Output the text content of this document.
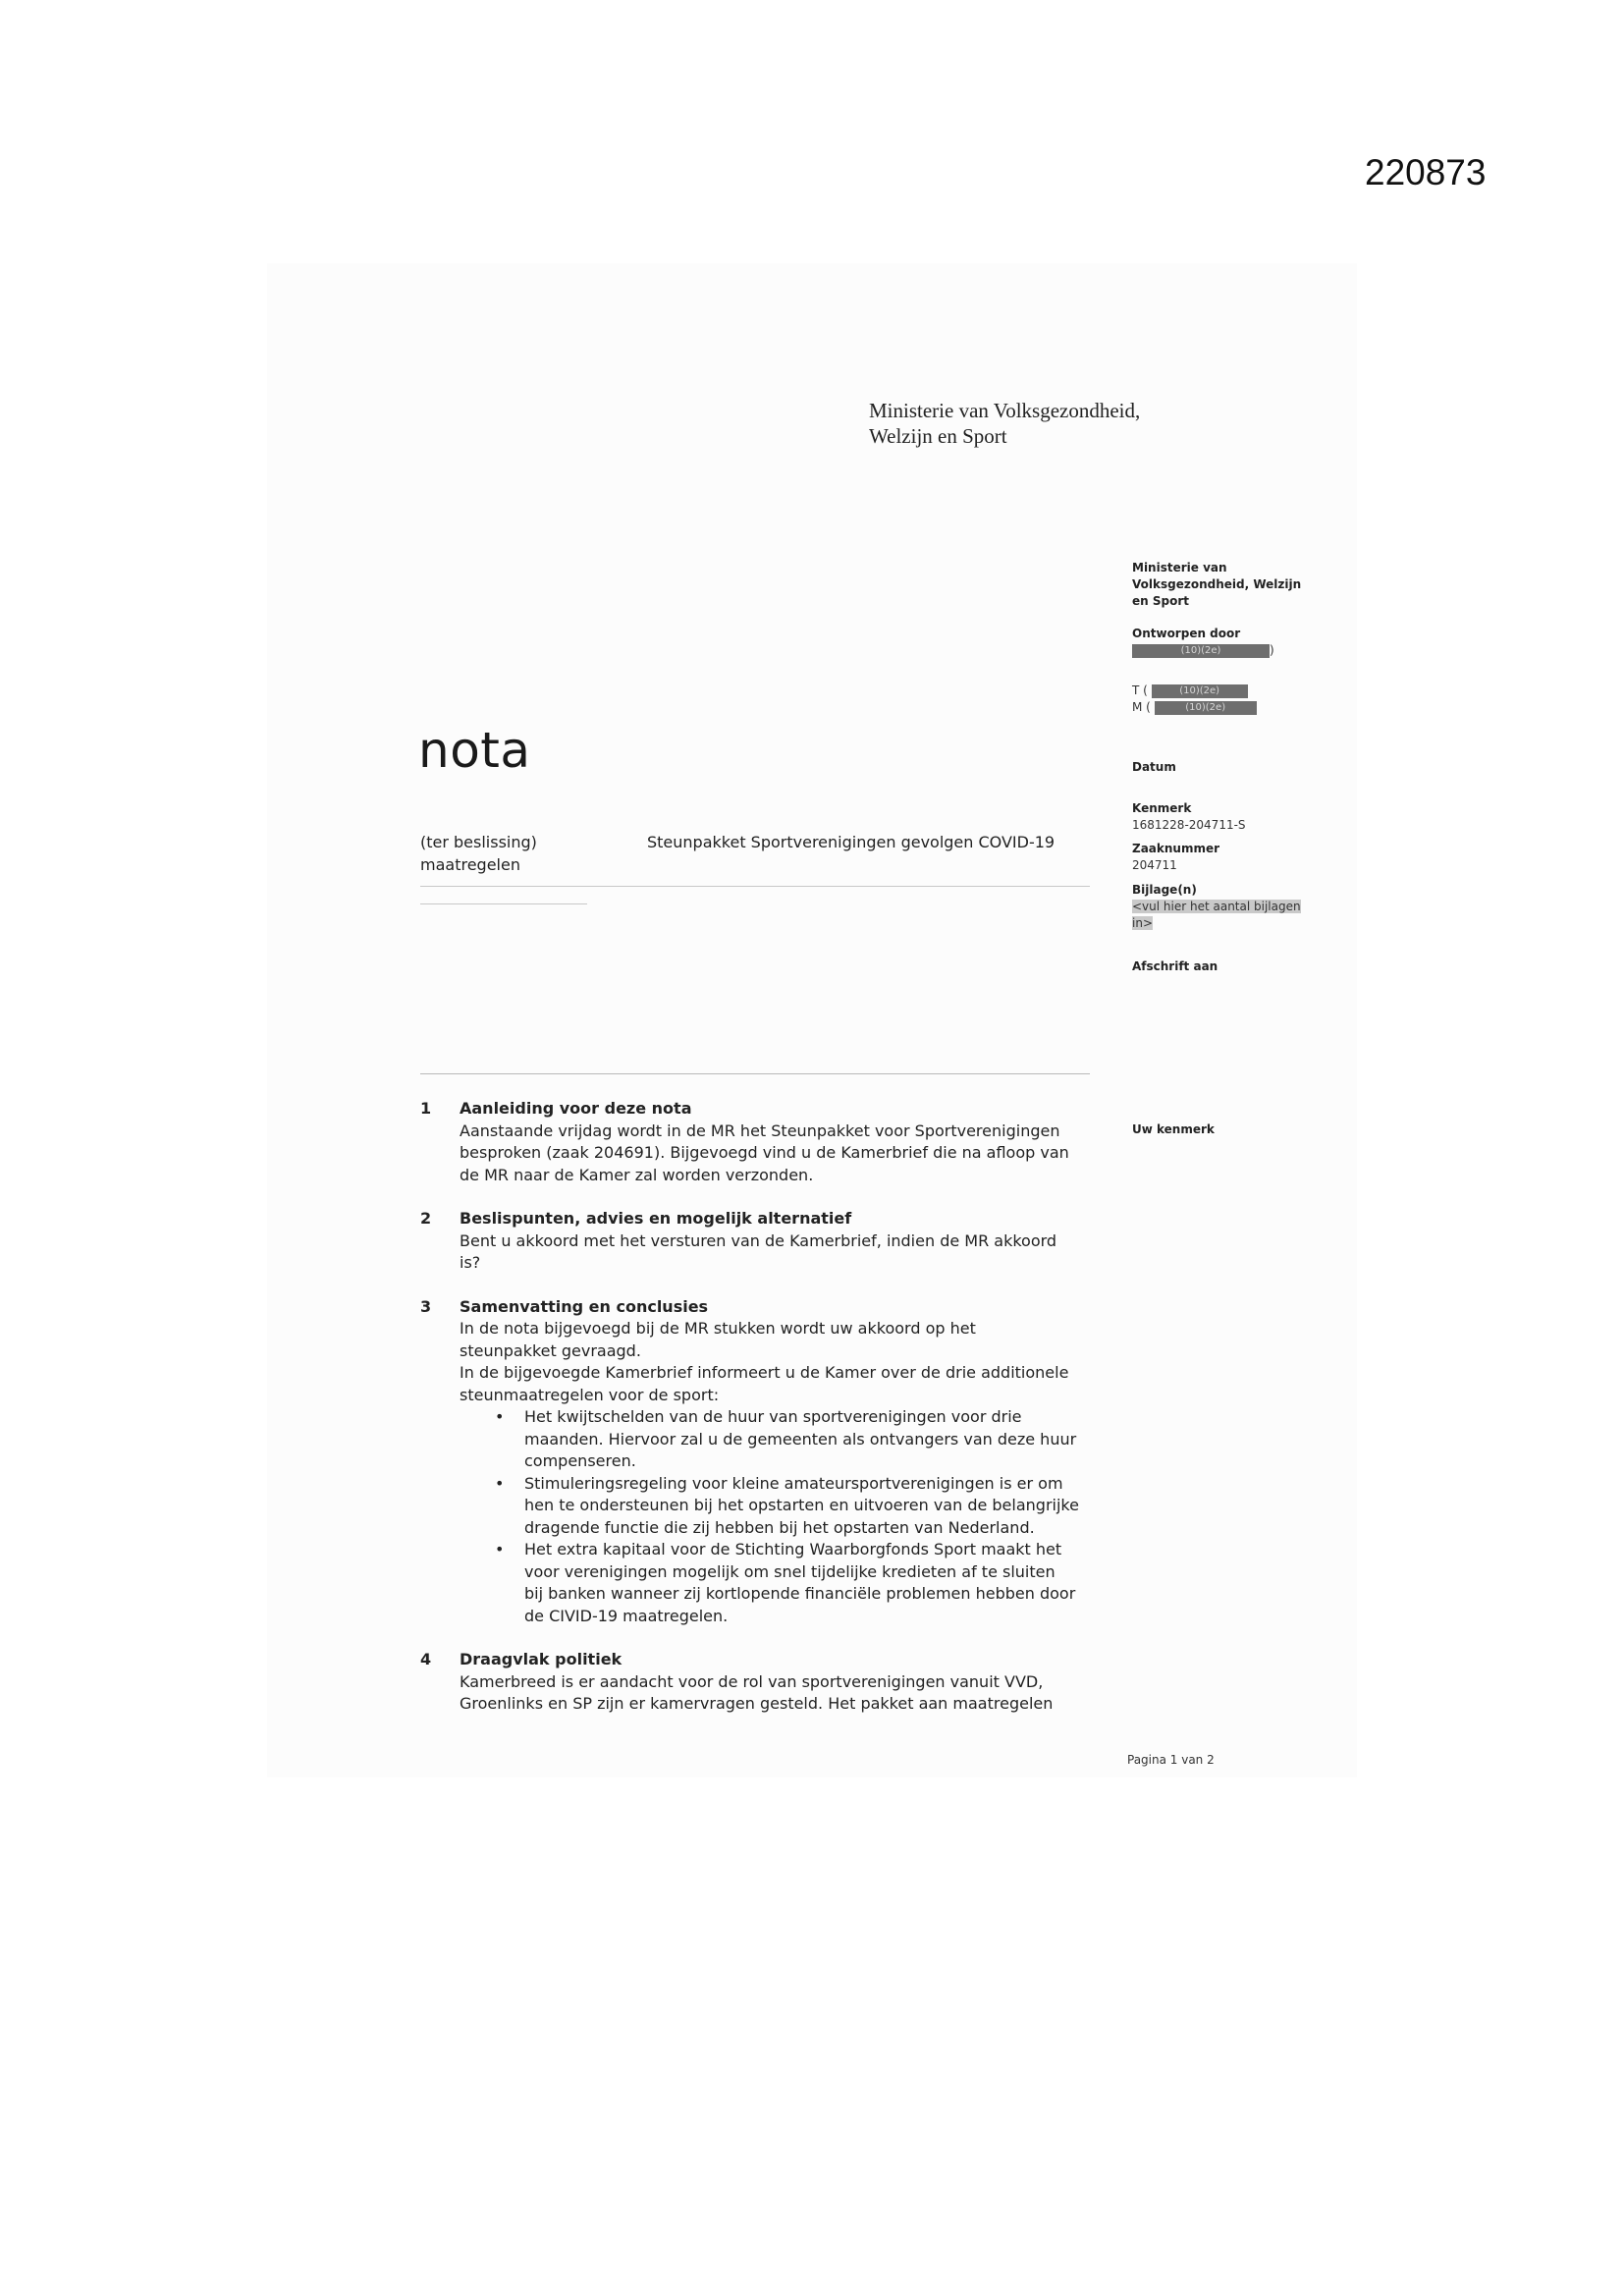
220873
Ministerie van Volksgezondheid,
Welzijn en Sport
Ministerie van
Volksgezondheid, Welzijn
en Sport
Ontworpen door
(10)(2e)	)
T (	(10)(2e)
M (	(10)(2e)
Datum
Kenmerk
1681228-204711-S
Zaaknummer
204711
Bijlage(n)
<vul hier het aantal bijlagen
in>
Afschrift aan
Uw kenmerk
nota
(ter beslissing)
maatregelen
Steunpakket Sportverenigingen gevolgen COVID-19
1 Aanleiding voor deze nota

Aanstaande vrijdag wordt in de MR het Steunpakket voor Sportverenigingen

besproken (zaak 204691). Bijgevoegd vind u de Kamerbrief die na afloop van

de MR naar de Kamer zal worden verzonden.

2 Beslispunten, advies en mogelijk alternatief

Bent u akkoord met het versturen van de Kamerbrief, indien de MR akkoord

is?

3 Samenvatting en conclusies

In de nota bijgevoegd bij de MR stukken wordt uw akkoord op het

steunpakket gevraagd.

In de bijgevoegde Kamerbrief informeert u de Kamer over de drie additionele

steunmaatregelen voor de sport:

• Het kwijtschelden van de huur van sportverenigingen voor drie
maanden. Hiervoor zal u de gemeenten als ontvangers van deze huur
compenseren.
• Stimuleringsregeling voor kleine amateursportverenigingen is er om
hen te ondersteunen bij het opstarten en uitvoeren van de belangrijke
dragende functie die zij hebben bij het opstarten van Nederland.
• Het extra kapitaal voor de Stichting Waarborgfonds Sport maakt het
voor verenigingen mogelijk om snel tijdelijke kredieten af te sluiten
bij banken wanneer zij kortlopende financiële problemen hebben door
de CIVID-19 maatregelen.
4 Draagvlak politiek

Kamerbreed is er aandacht voor de rol van sportverenigingen vanuit VVD,

Groenlinks en SP zijn er kamervragen gesteld. Het pakket aan maatregelen

Pagina 1 van 2
